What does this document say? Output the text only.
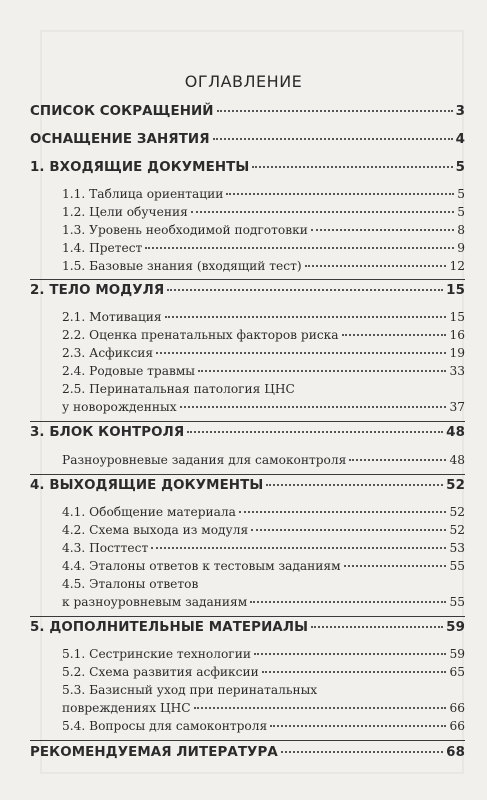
ОГЛАВЛЕНИЕ
СПИСОК СОКРАЩЕНИЙ	3
ОСНАЩЕНИЕ ЗАНЯТИЯ	4
1. ВХОДЯЩИЕ ДОКУМЕНТЫ	5
1.1. Таблица ориентации	5
1.2. Цели обучения	5
1.3. Уровень необходимой подготовки	8
1.4. Претест	9
1.5. Базовые знания (входящий тест)	12
2. ТЕЛО МОДУЛЯ	15
2.1. Мотивация	15
2.2. Оценка пренатальных факторов риска	16
2.3. Асфиксия	19
2.4. Родовые травмы	33
2.5. Перинатальная патология ЦНС
у новорожденных	37
3. БЛОК КОНТРОЛЯ	48
Разноуровневые задания для самоконтроля	48
4. ВЫХОДЯЩИЕ ДОКУМЕНТЫ	52
4.1. Обобщение материала	52
4.2. Схема выхода из модуля	52
4.3. Посттест	53
4.4. Эталоны ответов к тестовым заданиям	55
4.5. Эталоны ответов
к разноуровневым заданиям	55
5. ДОПОЛНИТЕЛЬНЫЕ МАТЕРИАЛЫ	59
5.1. Сестринские технологии	59
5.2. Схема развития асфиксии	65
5.3. Базисный уход при перинатальных
повреждениях ЦНС	66
5.4. Вопросы для самоконтроля	66
РЕКОМЕНДУЕМАЯ ЛИТЕРАТУРА	68
